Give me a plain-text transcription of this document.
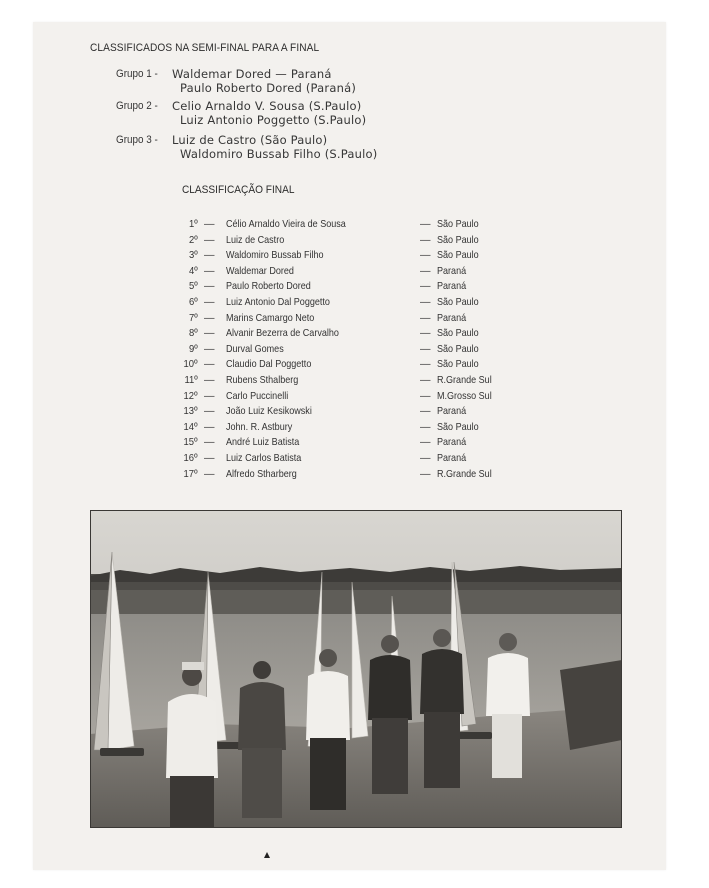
CLASSIFICADOS NA SEMI-FINAL PARA A FINAL
Grupo 1 - Waldemar Dored — Paraná
Paulo Roberto Dored (Paraná)
Grupo 2 - Celio Arnaldo V. Sousa (S.Paulo)
Luiz Antonio Poggetto (S.Paulo)
Grupo 3 - Luiz de Castro (São Paulo)
Waldomiro Bussab Filho (S.Paulo)
CLASSIFICAÇÃO FINAL
1º — Célio Arnaldo Vieira de Sousa	— São Paulo
2º — Luiz de Castro	— São Paulo
3º — Waldomiro Bussab Filho	— São Paulo
4º — Waldemar Dored	— Paraná
5º — Paulo Roberto Dored	— Paraná
6º — Luiz Antonio Dal Poggetto	— São Paulo
7º — Marins Camargo Neto	— Paraná
8º — Alvanir Bezerra de Carvalho	— São Paulo
9º — Durval Gomes	— São Paulo
10º — Claudio Dal Poggetto	— São Paulo
11º — Rubens Sthalberg	— R.Grande Sul
12º — Carlo Puccinelli	— M.Grosso Sul
13º — João Luiz Kesikowski	— Paraná
14º — John. R. Astbury	— São Paulo
15º — André Luiz Batista	— Paraná
16º — Luiz Carlos Batista	— Paraná
17º — Alfredo Stharberg	— R.Grande Sul
